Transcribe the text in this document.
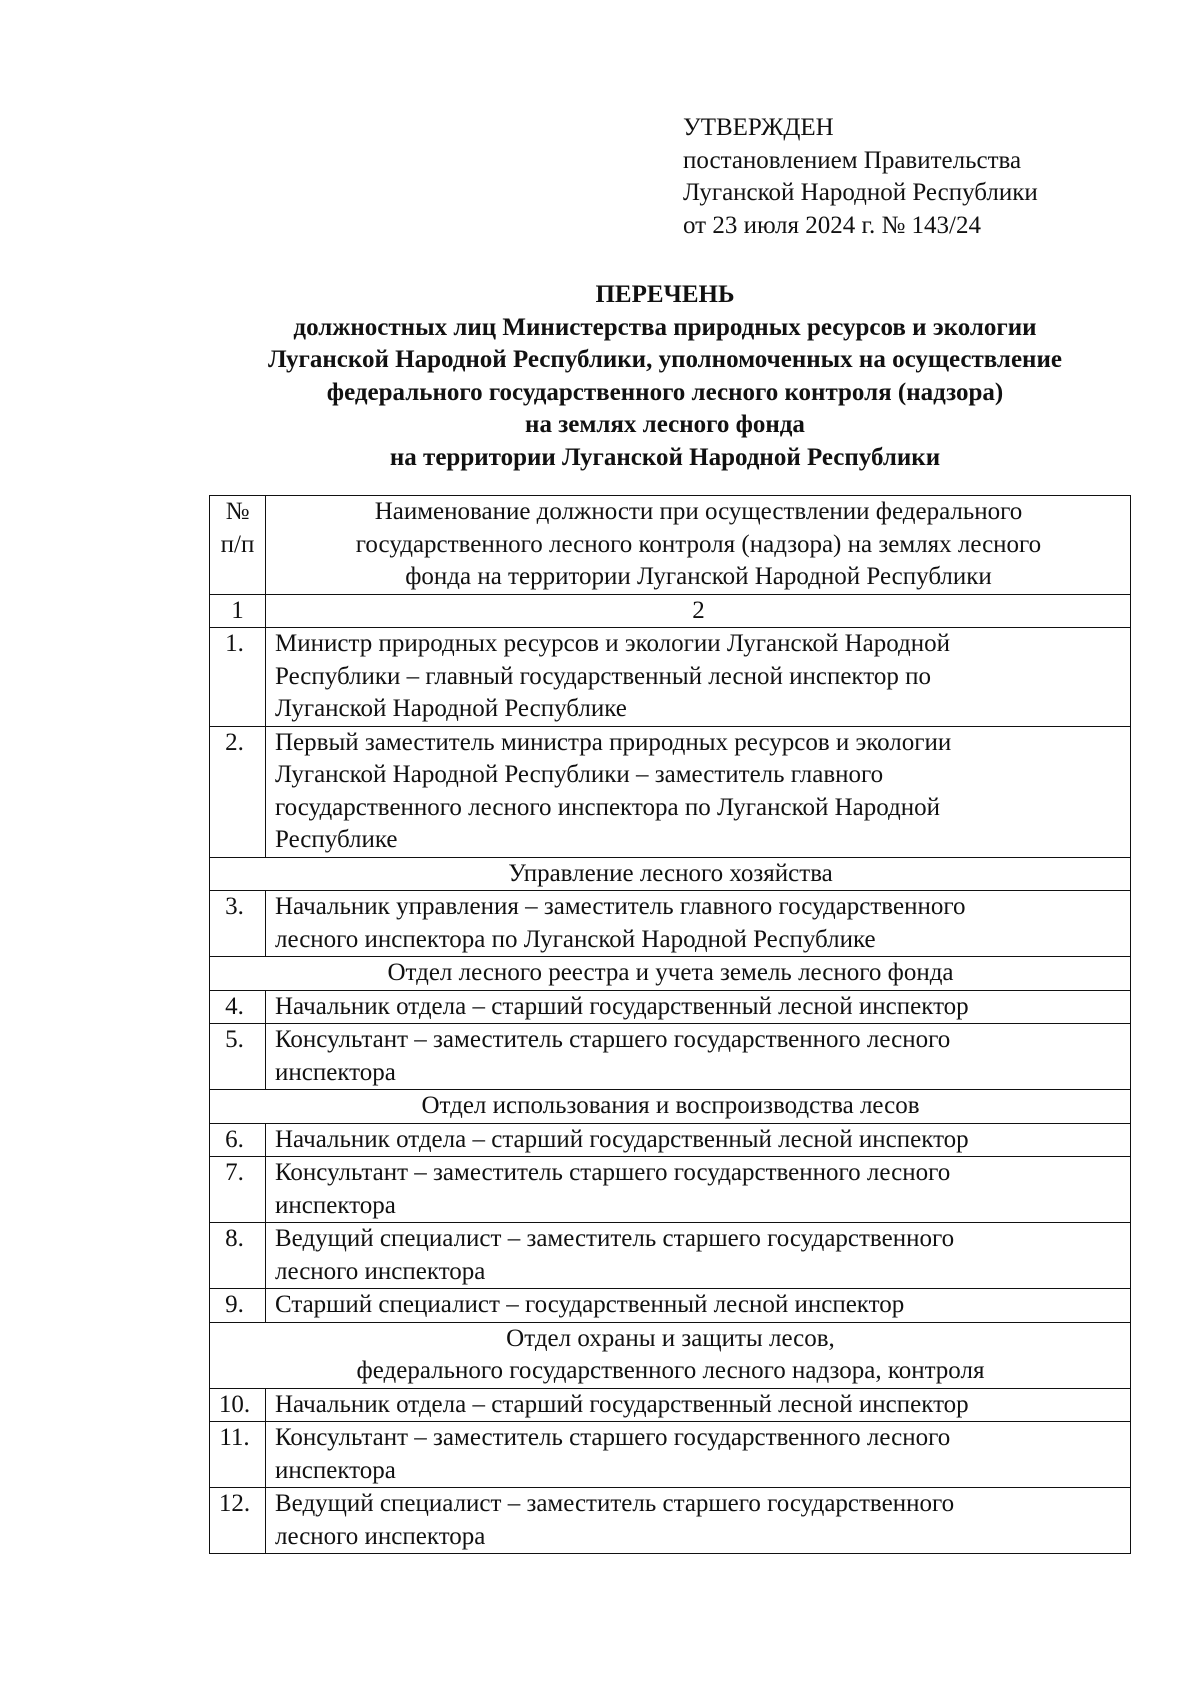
УТВЕРЖДЕН
постановлением Правительства
Луганской Народной Республики
от 23 июля 2024 г. № 143/24
ПЕРЕЧЕНЬ
должностных лиц Министерства природных ресурсов и экологии
Луганской Народной Республики, уполномоченных на осуществление
федерального государственного лесного контроля (надзора)
на землях лесного фонда
на территории Луганской Народной Республики
№
п/п	Наименование должности при осуществлении федерального
государственного лесного контроля (надзора) на землях лесного
фонда на территории Луганской Народной Республики

1	2
1.	Министр природных ресурсов и экологии Луганской Народной
Республики – главный государственный лесной инспектор по
Луганской Народной Республике

2.	Первый заместитель министра природных ресурсов и экологии
Луганской Народной Республики – заместитель главного
государственного лесного инспектора по Луганской Народной
Республике

Управление лесного хозяйства	

3.	Начальник управления – заместитель главного государственного
лесного инспектора по Луганской Народной Республике

Отдел лесного реестра и учета земель лесного фонда	

4.	Начальник отдела – старший государственный лесной инспектор

5.	Консультант – заместитель старшего государственного лесного
инспектора

Отдел использования и воспроизводства лесов	

6.	Начальник отдела – старший государственный лесной инспектор

7.	Консультант – заместитель старшего государственного лесного
инспектора

8.	Ведущий специалист – заместитель старшего государственного
лесного инспектора

9.	Старший специалист – государственный лесной инспектор

Отдел охраны и защиты лесов,
федерального государственного лесного надзора, контроля	

10.	Начальник отдела – старший государственный лесной инспектор

11.	Консультант – заместитель старшего государственного лесного
инспектора

12.	Ведущий специалист – заместитель старшего государственного
лесного инспектора
